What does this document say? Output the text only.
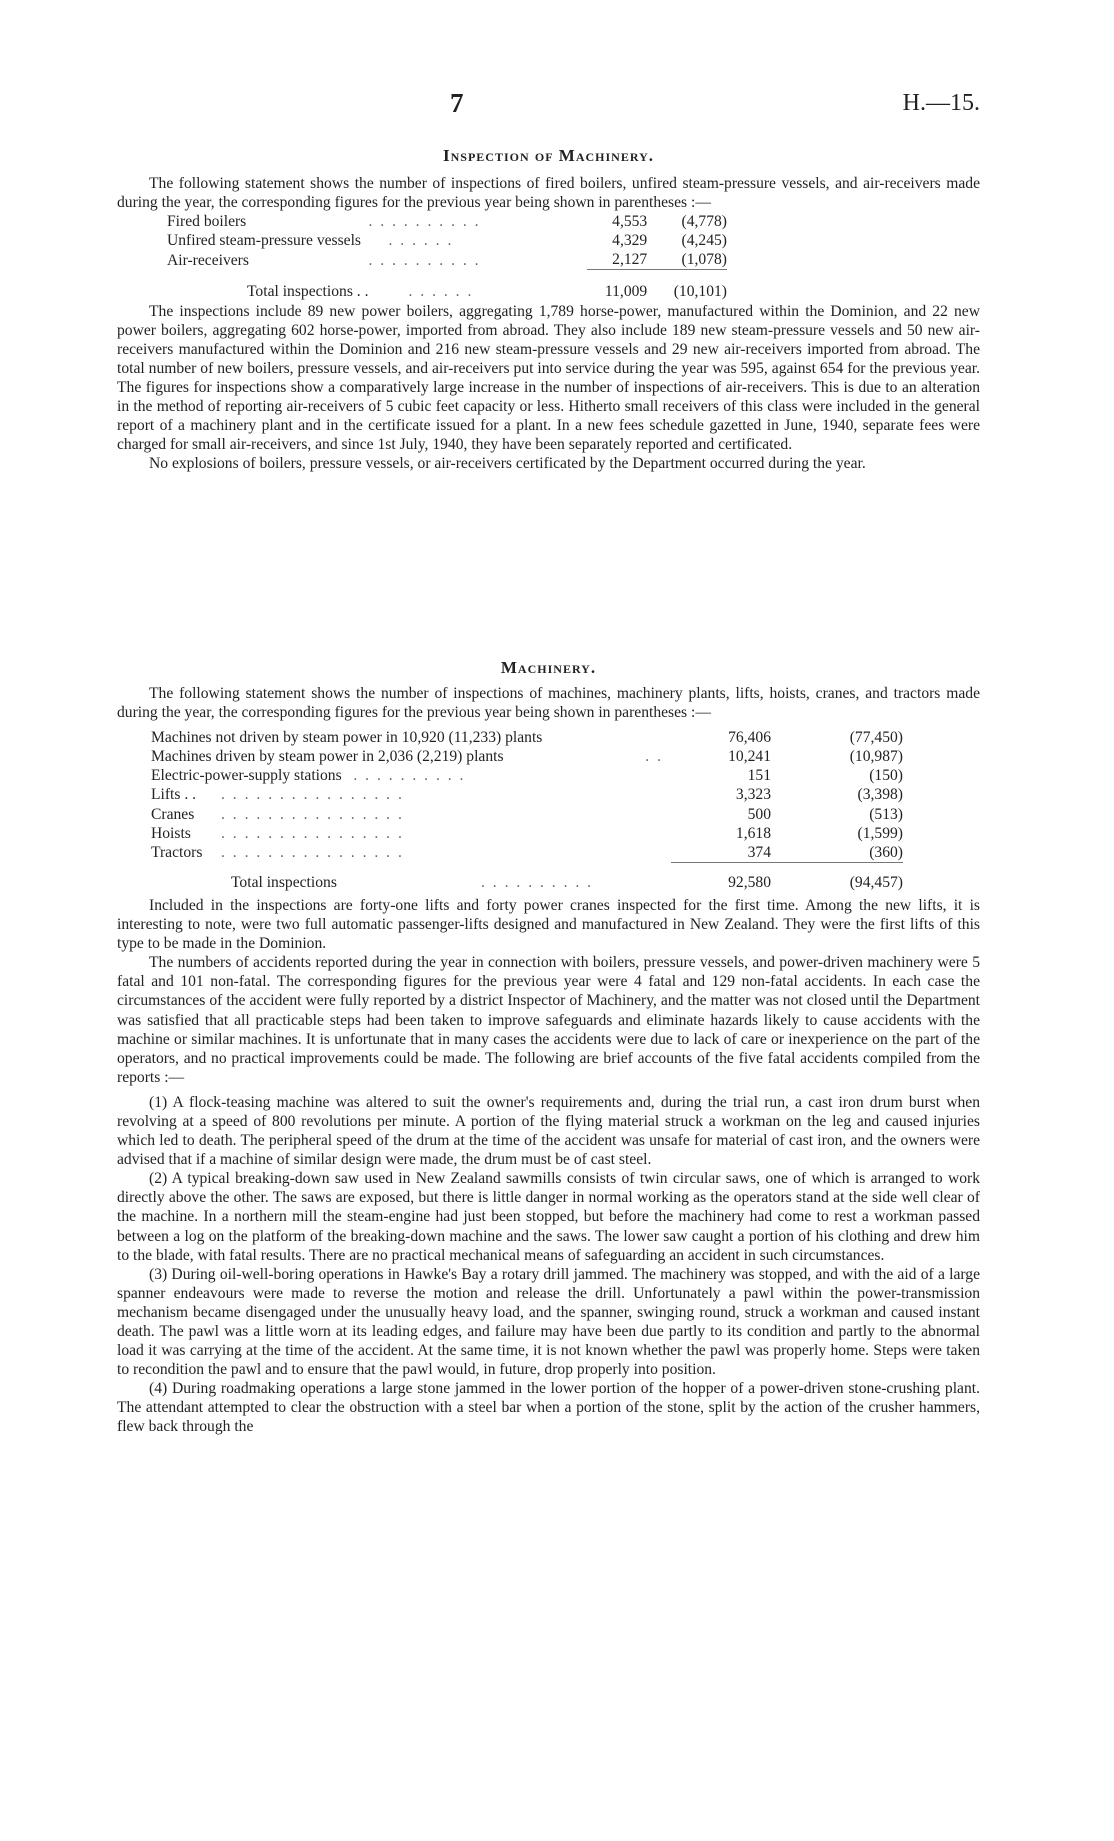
7	H.—15.
Inspection of Machinery.

The following statement shows the number of inspections of fired boilers, unfired steam-pressure vessels, and air-receivers made during the year, the corresponding figures for the previous year being shown in parentheses :—

Fired boilers	. . . . . . . . . .	4,553	(4,778)
Unfired steam-pressure vessels	. . . . . .	4,329	(4,245)
Air-receivers	. . . . . . . . . .	2,127	(1,078)

Total inspections . .	. . . . . .	11,009	(10,101)

The inspections include 89 new power boilers, aggregating 1,789 horse-power, manufactured within the Dominion, and 22 new power boilers, aggregating 602 horse-power, imported from abroad. They also include 189 new steam-pressure vessels and 50 new air-receivers manufactured within the Dominion and 216 new steam-pressure vessels and 29 new air-receivers imported from abroad. The total number of new boilers, pressure vessels, and air-receivers put into service during the year was 595, against 654 for the previous year. The figures for inspections show a comparatively large increase in the number of inspections of air-receivers. This is due to an alteration in the method of reporting air-receivers of 5 cubic feet capacity or less. Hitherto small receivers of this class were included in the general report of a machinery plant and in the certificate issued for a plant. In a new fees schedule gazetted in June, 1940, separate fees were charged for small air-receivers, and since 1st July, 1940, they have been separately reported and certificated.

No explosions of boilers, pressure vessels, or air-receivers certificated by the Department occurred during the year.

Machinery.

The following statement shows the number of inspections of machines, machinery plants, lifts, hoists, cranes, and tractors made during the year, the corresponding figures for the previous year being shown in parentheses :—

Machines not driven by steam power in 10,920 (11,233) plants		76,406	(77,450)
Machines driven by steam power in 2,036 (2,219) plants	. .	10,241	(10,987)
Electric-power-supply stations . . . . . . . . . .		151	(150)
Lifts . . . . . . . . . . . . . . . . . .		3,323	(3,398)
Cranes . . . . . . . . . . . . . . . .		500	(513)
Hoists . . . . . . . . . . . . . . . .		1,618	(1,599)
Tractors . . . . . . . . . . . . . . . .		374	(360)

Total inspections . . . . . . . . . .		92,580	(94,457)

Included in the inspections are forty-one lifts and forty power cranes inspected for the first time. Among the new lifts, it is interesting to note, were two full automatic passenger-lifts designed and manufactured in New Zealand. They were the first lifts of this type to be made in the Dominion.

The numbers of accidents reported during the year in connection with boilers, pressure vessels, and power-driven machinery were 5 fatal and 101 non-fatal. The corresponding figures for the previous year were 4 fatal and 129 non-fatal accidents. In each case the circumstances of the accident were fully reported by a district Inspector of Machinery, and the matter was not closed until the Department was satisfied that all practicable steps had been taken to improve safeguards and eliminate hazards likely to cause accidents with the machine or similar machines. It is unfortunate that in many cases the accidents were due to lack of care or inexperience on the part of the operators, and no practical improvements could be made. The following are brief accounts of the five fatal accidents compiled from the reports :—

(1) A flock-teasing machine was altered to suit the owner's requirements and, during the trial run, a cast iron drum burst when revolving at a speed of 800 revolutions per minute. A portion of the flying material struck a workman on the leg and caused injuries which led to death. The peripheral speed of the drum at the time of the accident was unsafe for material of cast iron, and the owners were advised that if a machine of similar design were made, the drum must be of cast steel.

(2) A typical breaking-down saw used in New Zealand sawmills consists of twin circular saws, one of which is arranged to work directly above the other. The saws are exposed, but there is little danger in normal working as the operators stand at the side well clear of the machine. In a northern mill the steam-engine had just been stopped, but before the machinery had come to rest a workman passed between a log on the platform of the breaking-down machine and the saws. The lower saw caught a portion of his clothing and drew him to the blade, with fatal results. There are no practical mechanical means of safeguarding an accident in such circumstances.

(3) During oil-well-boring operations in Hawke's Bay a rotary drill jammed. The machinery was stopped, and with the aid of a large spanner endeavours were made to reverse the motion and release the drill. Unfortunately a pawl within the power-transmission mechanism became disengaged under the unusually heavy load, and the spanner, swinging round, struck a workman and caused instant death. The pawl was a little worn at its leading edges, and failure may have been due partly to its condition and partly to the abnormal load it was carrying at the time of the accident. At the same time, it is not known whether the pawl was properly home. Steps were taken to recondition the pawl and to ensure that the pawl would, in future, drop properly into position.

(4) During roadmaking operations a large stone jammed in the lower portion of the hopper of a power-driven stone-crushing plant. The attendant attempted to clear the obstruction with a steel bar when a portion of the stone, split by the action of the crusher hammers, flew back through the
